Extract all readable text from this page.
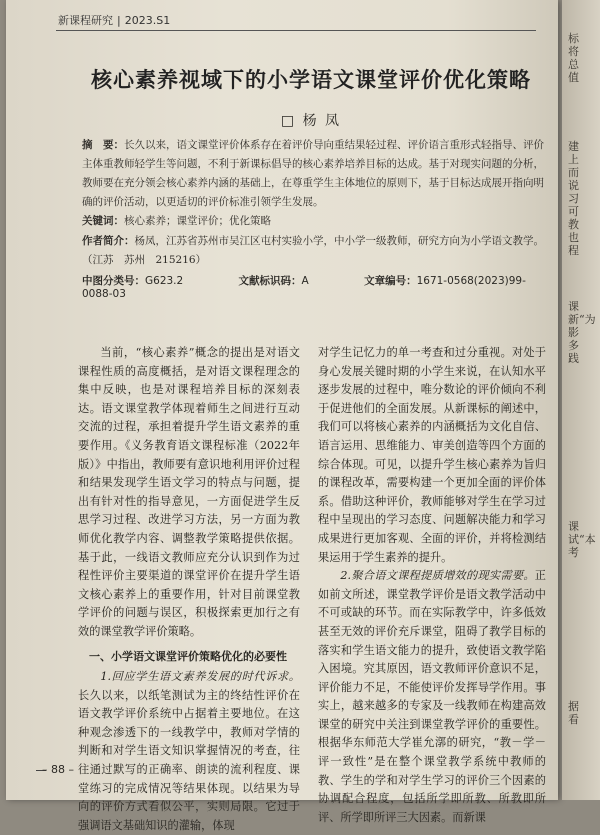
新课程研究 | 2023.S1
核心素养视域下的小学语文课堂评价优化策略
□ 杨 凤
摘　要：长久以来，语文课堂评价体系存在着评价导向重结果轻过程、评价语言重形式轻指导、评价主体重教师轻学生等问题，不利于新课标倡导的核心素养培养目标的达成。基于对现实问题的分析，教师要在充分领会核心素养内涵的基础上，在尊重学生主体地位的原则下，基于目标达成展开指向明确的评价活动，以更适切的评价标准引领学生发展。
关键词：核心素养；课堂评价；优化策略
作者简介：杨凤，江苏省苏州市吴江区屯村实验小学，中小学一级教师，研究方向为小学语文教学。（江苏　苏州　215216）
中图分类号：G623.2	文献标识码：A	文章编号：1671-0568(2023)99-0088-03

当前，“核心素养”概念的提出是对语文课程性质的高度概括，是对语文课程理念的集中反映，也是对课程培养目标的深刻表达。语文课堂教学体现着师生之间进行互动交流的过程，承担着提升学生语文素养的重要作用。《义务教育语文课程标准（2022年版）》中指出，教师要有意识地利用评价过程和结果发现学生语文学习的特点与问题，提出有针对性的指导意见，一方面促进学生反思学习过程、改进学习方法，另一方面为教师优化教学内容、调整教学策略提供依据。基于此，一线语文教师应充分认识到作为过程性评价主要渠道的课堂评价在提升学生语文核心素养上的重要作用，针对目前课堂教学评价的问题与误区，积极探索更加行之有效的课堂教学评价策略。

一、小学语文课堂评价策略优化的必要性

1.回应学生语文素养发展的时代诉求。长久以来，以纸笔测试为主的终结性评价在语文教学评价系统中占据着主要地位。在这种观念渗透下的一线教学中，教师对学情的判断和对学生语文知识掌握情况的考查，往往通过默写的正确率、朗读的流利程度、课堂练习的完成情况等结果体现。以结果为导向的评价方式看似公平，实则局限。它过于强调语文基础知识的灌输，体现

对学生记忆力的单一考查和过分重视。对处于身心发展关键时期的小学生来说，在认知水平逐步发展的过程中，唯分数论的评价倾向不利于促进他们的全面发展。从新课标的阐述中，我们可以将核心素养的内涵概括为文化自信、语言运用、思维能力、审美创造等四个方面的综合体现。可见，以提升学生核心素养为旨归的课程改革，需要构建一个更加全面的评价体系。借助这种评价，教师能够对学生在学习过程中呈现出的学习态度、问题解决能力和学习成果进行更加客观、全面的评价，并将检测结果运用于学生素养的提升。

2.聚合语文课程提质增效的现实需要。正如前文所述，课堂教学评价是语文教学活动中不可或缺的环节。而在实际教学中，许多低效甚至无效的评价充斥课堂，阻碍了教学目标的落实和学生语文能力的提升，致使语文教学陷入困境。究其原因，语文教师评价意识不足，评价能力不足，不能使评价发挥导学作用。事实上，越来越多的专家及一线教师在构建高效课堂的研究中关注到课堂教学评价的重要性。根据华东师范大学崔允漷的研究，“教－学－评一致性”是在整个课堂教学系统中教师的教、学生的学和对学生学习的评价三个因素的协调配合程度，包括所学即所教、所教即所评、所学即所评三大因素。而新课

– 88 –
标将总值
建上而说习可教也程
课新“为影多践
课试“本考
据看
